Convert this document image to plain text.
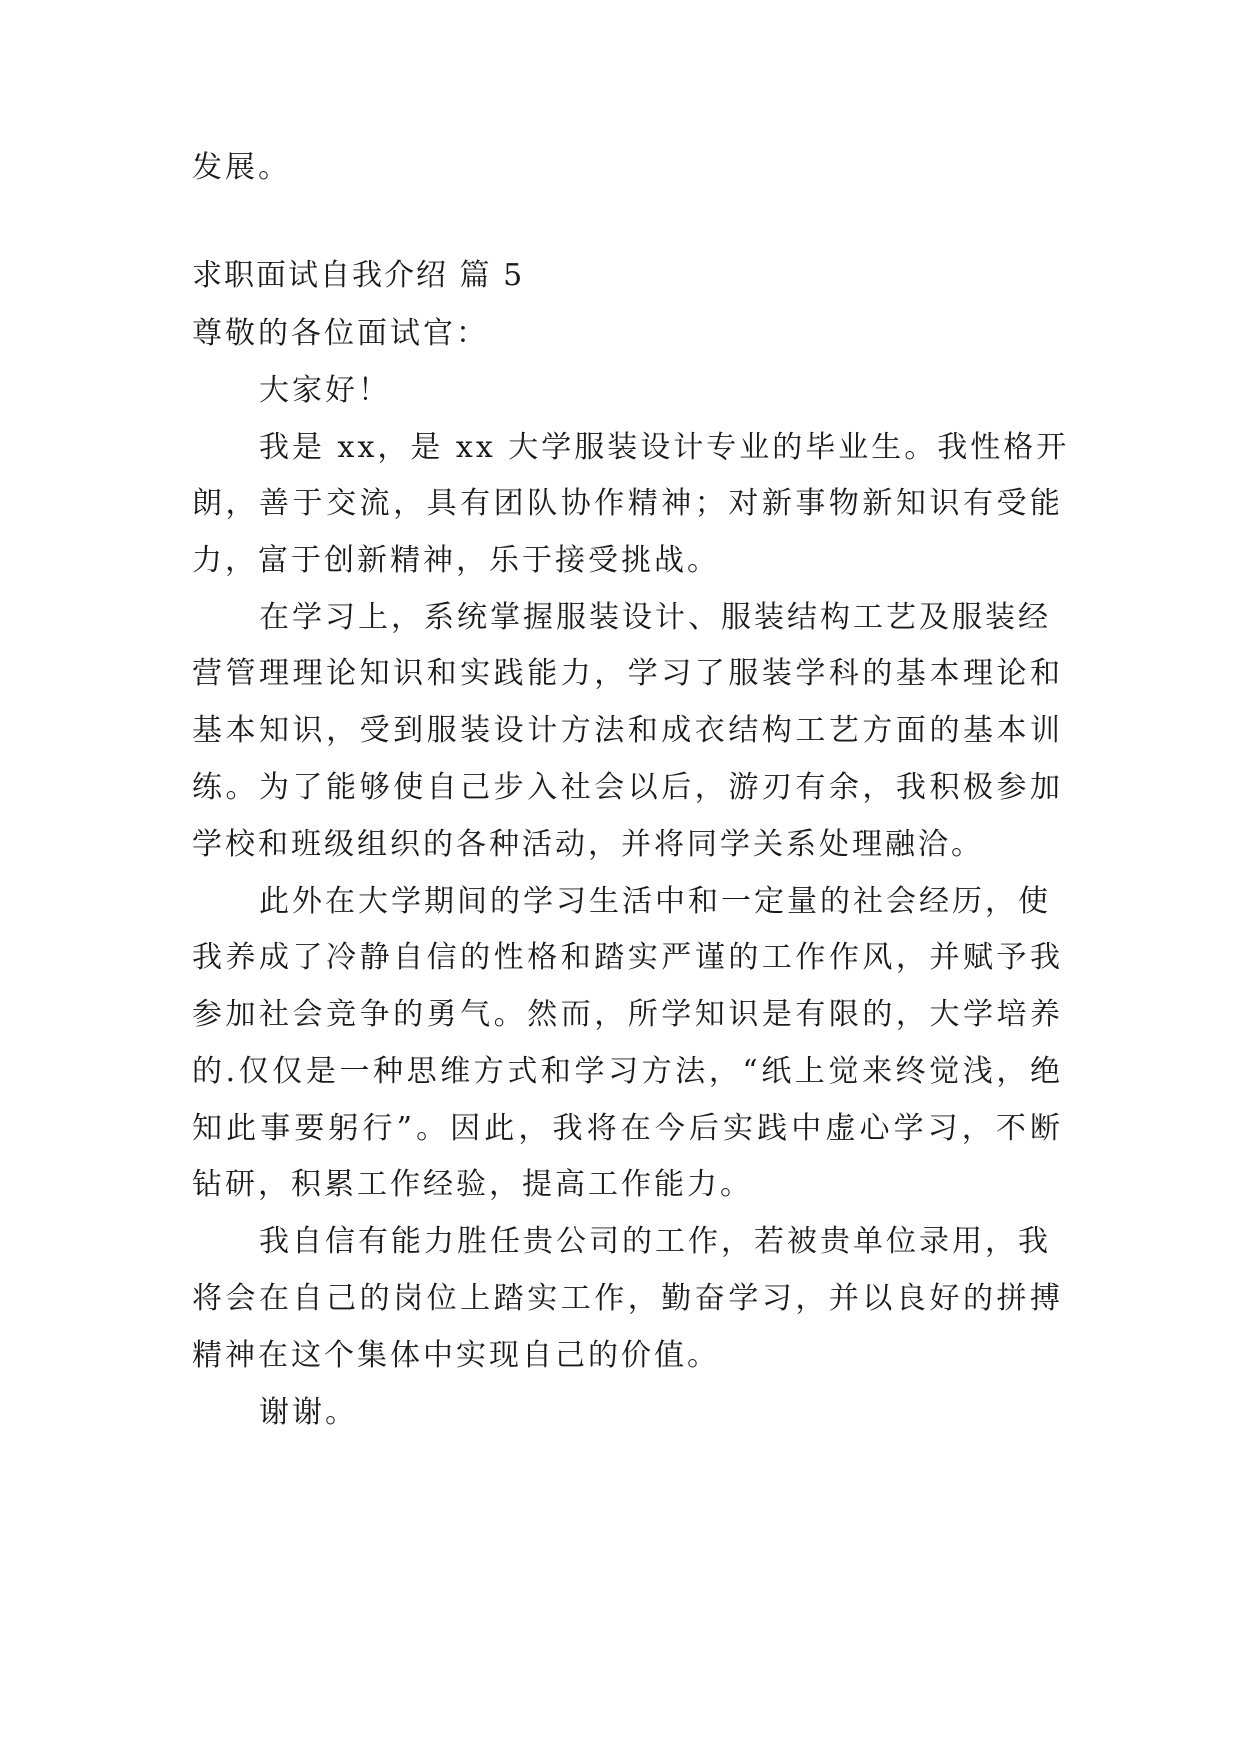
发展。
求职面试自我介绍 篇 5
尊敬的各位面试官：
大家好！
我是 xx，是 xx 大学服装设计专业的毕业生。我性格开
朗，善于交流，具有团队协作精神；对新事物新知识有受能
力，富于创新精神，乐于接受挑战。
在学习上，系统掌握服装设计、服装结构工艺及服装经
营管理理论知识和实践能力，学习了服装学科的基本理论和
基本知识，受到服装设计方法和成衣结构工艺方面的基本训
练。为了能够使自己步入社会以后，游刃有余，我积极参加
学校和班级组织的各种活动，并将同学关系处理融洽。
此外在大学期间的学习生活中和一定量的社会经历，使
我养成了冷静自信的性格和踏实严谨的工作作风，并赋予我
参加社会竞争的勇气。然而，所学知识是有限的，大学培养
的.仅仅是一种思维方式和学习方法，“纸上觉来终觉浅，绝
知此事要躬行”。因此，我将在今后实践中虚心学习，不断
钻研，积累工作经验，提高工作能力。
我自信有能力胜任贵公司的工作，若被贵单位录用，我
将会在自己的岗位上踏实工作，勤奋学习，并以良好的拼搏
精神在这个集体中实现自己的价值。
谢谢。
